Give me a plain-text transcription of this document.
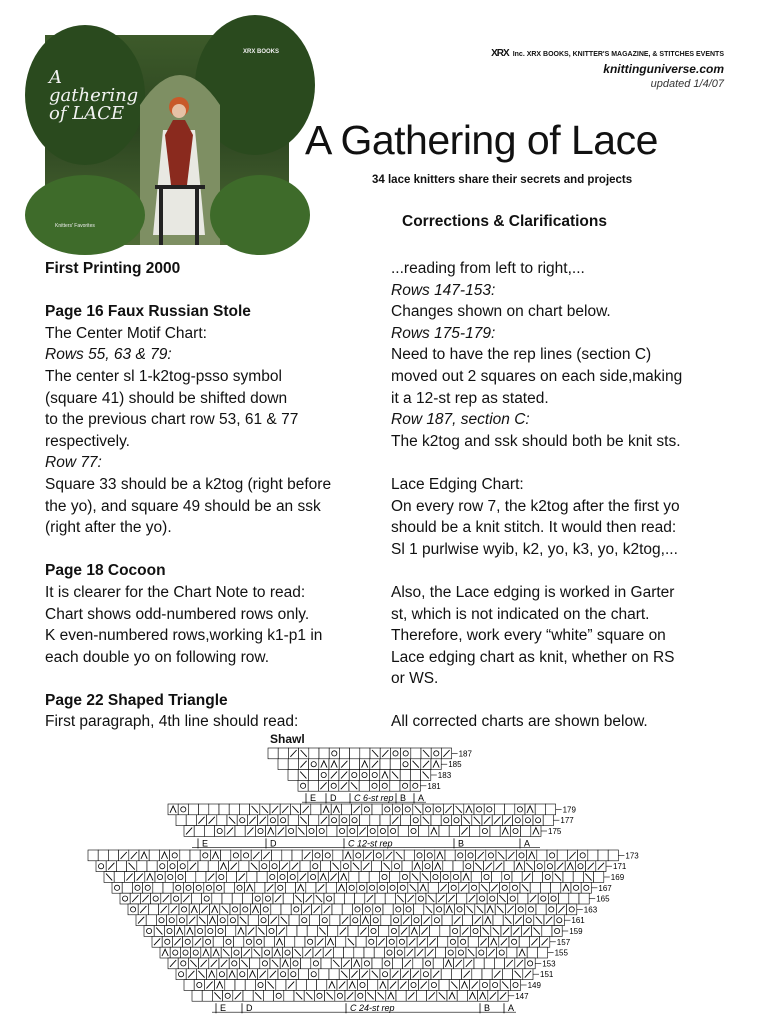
A gathering of LACE
XRX BOOKS
Knitters' Favorites
XRX Inc. XRX BOOKS, KNITTER'S MAGAZINE, & STITCHES EVENTS
knittinguniverse.com
updated 1/4/07
A Gathering of Lace
34 lace knitters share their secrets and projects
Corrections & Clarifications

First Printing 2000

Page 16 Faux Russian Stole

The Center Motif Chart:

Rows 55, 63 & 79:

The center sl 1-k2tog-psso symbol

(square 41) should be shifted down

to the previous chart row 53, 61 & 77

respectively.

Row 77:

Square 33 should be a k2tog (right before

the yo), and square 49 should be an ssk

(right after the yo).

Page 18 Cocoon

It is clearer for the Chart Note to read:

Chart shows odd-numbered rows only.

K even-numbered rows,working k1-p1 in

each double yo on following row.

Page 22 Shaped Triangle

First paragraph, 4th line should read:

...reading from left to right,...

Rows 147-153:

Changes shown on chart below.

Rows 175-179:

Need to have the rep lines (section C)

moved out 2 squares on each side,making

it a 12-st rep as stated.

Row 187, section C:

The k2tog and ssk should both be knit sts.

Lace Edging Chart:

On every row 7, the k2tog after the first yo

should be a knit stitch. It would then read:

Sl 1 purlwise wyib, k2, yo, k3, yo, k2tog,...

Also, the Lace edging is worked in Garter

st, which is not indicated on the chart.

Therefore, work every “white” square on

Lace edging chart as knit, whether on RS

or WS.

All corrected charts are shown below.

Shawl
187
185
183
181
E D C 6-st rep B A
179
177
175
E	D	C 12-st rep	B	A
173
171
169
167
165
163
161
159
157
155
153
151
149
147
E D	C 24-st rep	B A
